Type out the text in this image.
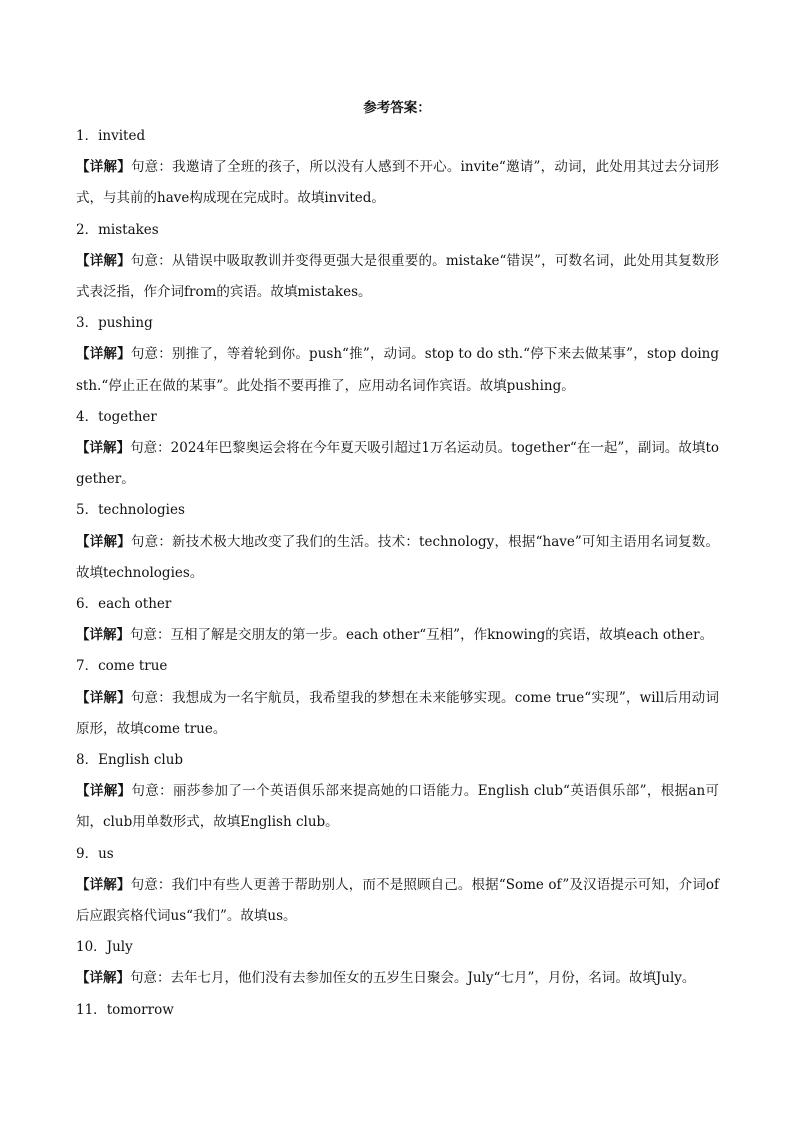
参考答案：
1．invited
【详解】句意：我邀请了全班的孩子，所以没有人感到不开心。invite“邀请”，动词，此处用其过去分词形式，与其前的have构成现在完成时。故填invited。
2．mistakes
【详解】句意：从错误中吸取教训并变得更强大是很重要的。mistake“错误”，可数名词，此处用其复数形式表泛指，作介词from的宾语。故填mistakes。
3．pushing
【详解】句意：别推了，等着轮到你。push“推”，动词。stop to do sth.“停下来去做某事”，stop doing sth.“停止正在做的某事”。此处指不要再推了，应用动名词作宾语。故填pushing。
4．together
【详解】句意：2024年巴黎奥运会将在今年夏天吸引超过1万名运动员。together“在一起”，副词。故填together。
5．technologies
【详解】句意：新技术极大地改变了我们的生活。技术：technology，根据“have”可知主语用名词复数。故填technologies。
6．each other
【详解】句意：互相了解是交朋友的第一步。each other“互相”，作knowing的宾语，故填each other。
7．come true
【详解】句意：我想成为一名宇航员，我希望我的梦想在未来能够实现。come true“实现”，will后用动词原形，故填come true。
8．English club
【详解】句意：丽莎参加了一个英语俱乐部来提高她的口语能力。English club“英语俱乐部”，根据an可知，club用单数形式，故填English club。
9．us
【详解】句意：我们中有些人更善于帮助别人，而不是照顾自己。根据“Some of”及汉语提示可知，介词of后应跟宾格代词us“我们”。故填us。
10．July
【详解】句意：去年七月，他们没有去参加侄女的五岁生日聚会。July“七月”，月份，名词。故填July。
11．tomorrow
